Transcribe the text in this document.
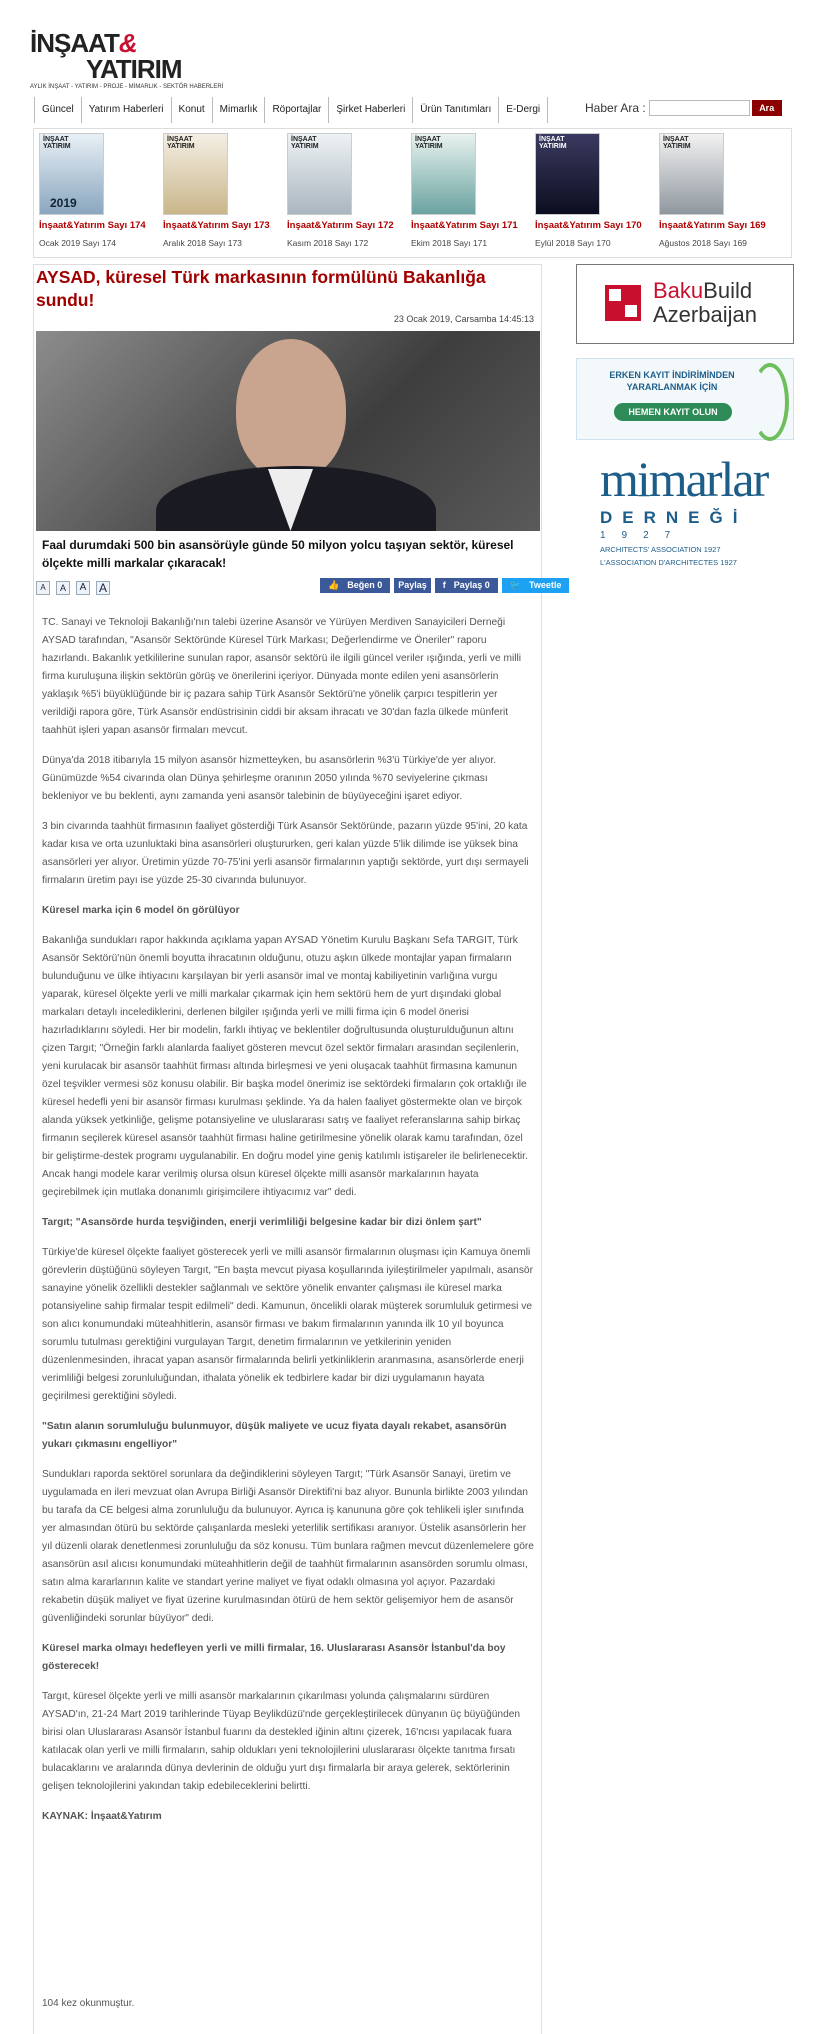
İNŞAAT&
YATIRIM
AYLIK İNŞAAT - YATIRIM - PROJE - MİMARLIK - SEKTÖR HABERLERİ
Güncel	Yatırım Haberleri	Konut	Mimarlık	Röportajlar	Şirket Haberleri	Ürün Tanıtımları	E-Dergi	Haber Ara :	Ara
İNŞAAT
YATIRIM
2019
İnşaat&Yatırım Sayı 174
Ocak 2019 Sayı 174
İNŞAAT
YATIRIM
İnşaat&Yatırım Sayı 173
Aralık 2018 Sayı 173
İNŞAAT
YATIRIM
İnşaat&Yatırım Sayı 172
Kasım 2018 Sayı 172
İNŞAAT
YATIRIM
İnşaat&Yatırım Sayı 171
Ekim 2018 Sayı 171
İNŞAAT
YATIRIM
İnşaat&Yatırım Sayı 170
Eylül 2018 Sayı 170
İNŞAAT
YATIRIM
İnşaat&Yatırım Sayı 169
Ağustos 2018 Sayı 169
AYSAD, küresel Türk markasının formülünü Bakanlığa sundu!
23 Ocak 2019, Carsamba 14:45:13
Faal durumdaki 500 bin asansörüyle günde 50 milyon yolcu taşıyan sektör, küresel ölçekte milli markalar çıkaracak!
A	A	A	A	👍Beğen 0	Paylaş	fPaylaş 0	🐦Tweetle

TC. Sanayi ve Teknoloji Bakanlığı'nın talebi üzerine Asansör ve Yürüyen Merdiven Sanayicileri Derneği AYSAD tarafından, "Asansör Sektöründe Küresel Türk Markası; Değerlendirme ve Öneriler" raporu hazırlandı. Bakanlık yetkililerine sunulan rapor, asansör sektörü ile ilgili güncel veriler ışığında, yerli ve milli firma kuruluşuna ilişkin sektörün görüş ve önerilerini içeriyor. Dünyada monte edilen yeni asansörlerin yaklaşık %5'i büyüklüğünde bir iç pazara sahip Türk Asansör Sektörü'ne yönelik çarpıcı tespitlerin yer verildiği rapora göre, Türk Asansör endüstrisinin ciddi bir aksam ihracatı ve 30'dan fazla ülkede münferit taahhüt işleri yapan asansör firmaları mevcut.

Dünya'da 2018 itibarıyla 15 milyon asansör hizmetteyken, bu asansörlerin %3'ü Türkiye'de yer alıyor. Günümüzde %54 civarında olan Dünya şehirleşme oranının 2050 yılında %70 seviyelerine çıkması bekleniyor ve bu beklenti, aynı zamanda yeni asansör talebinin de büyüyeceğini işaret ediyor.

3 bin civarında taahhüt firmasının faaliyet gösterdiği Türk Asansör Sektöründe, pazarın yüzde 95'ini, 20 kata kadar kısa ve orta uzunluktaki bina asansörleri oluştururken, geri kalan yüzde 5'lik dilimde ise yüksek bina asansörleri yer alıyor. Üretimin yüzde 70-75'ini yerli asansör firmalarının yaptığı sektörde, yurt dışı sermayeli firmaların üretim payı ise yüzde 25-30 civarında bulunuyor.

Küresel marka için 6 model ön görülüyor

Bakanlığa sundukları rapor hakkında açıklama yapan AYSAD Yönetim Kurulu Başkanı Sefa TARGIT, Türk Asansör Sektörü'nün önemli boyutta ihracatının olduğunu, otuzu aşkın ülkede montajlar yapan firmaların bulunduğunu ve ülke ihtiyacını karşılayan bir yerli asansör imal ve montaj kabiliyetinin varlığına vurgu yaparak, küresel ölçekte yerli ve milli markalar çıkarmak için hem sektörü hem de yurt dışındaki global markaları detaylı incelediklerini, derlenen bilgiler ışığında yerli ve milli firma için 6 model önerisi hazırladıklarını söyledi. Her bir modelin, farklı ihtiyaç ve beklentiler doğrultusunda oluşturulduğunun altını çizen Targıt; "Örneğin farklı alanlarda faaliyet gösteren mevcut özel sektör firmaları arasından seçilenlerin, yeni kurulacak bir asansör taahhüt firması altında birleşmesi ve yeni oluşacak taahhüt firmasına kamunun özel teşvikler vermesi söz konusu olabilir. Bir başka model önerimiz ise sektördeki firmaların çok ortaklığı ile küresel hedefli yeni bir asansör firması kurulması şeklinde. Ya da halen faaliyet göstermekte olan ve birçok alanda yüksek yetkinliğe, gelişme potansiyeline ve uluslararası satış ve faaliyet referanslarına sahip birkaç firmanın seçilerek küresel asansör taahhüt firması haline getirilmesine yönelik olarak kamu tarafından, özel bir geliştirme-destek programı uygulanabilir. En doğru model yine geniş katılımlı istişareler ile belirlenecektir. Ancak hangi modele karar verilmiş olursa olsun küresel ölçekte milli asansör markalarının hayata geçirebilmek için mutlaka donanımlı girişimcilere ihtiyacımız var" dedi.

Targıt; "Asansörde hurda teşviğinden, enerji verimliliği belgesine kadar bir dizi önlem şart"

Türkiye'de küresel ölçekte faaliyet gösterecek yerli ve milli asansör firmalarının oluşması için Kamuya önemli görevlerin düştüğünü söyleyen Targıt, "En başta mevcut piyasa koşullarında iyileştirilmeler yapılmalı, asansör sanayine yönelik özellikli destekler sağlanmalı ve sektöre yönelik envanter çalışması ile küresel marka potansiyeline sahip firmalar tespit edilmeli" dedi. Kamunun, öncelikli olarak müşterek sorumluluk getirmesi ve son alıcı konumundaki müteahhitlerin, asansör firması ve bakım firmalarının yanında ilk 10 yıl boyunca sorumlu tutulması gerektiğini vurgulayan Targıt, denetim firmalarının ve yetkilerinin yeniden düzenlenmesinden, ihracat yapan asansör firmalarında belirli yetkinliklerin aranmasına, asansörlerde enerji verimliliği belgesi zorunluluğundan, ithalata yönelik ek tedbirlere kadar bir dizi uygulamanın hayata geçirilmesi gerektiğini söyledi.

"Satın alanın sorumluluğu bulunmuyor, düşük maliyete ve ucuz fiyata dayalı rekabet, asansörün yukarı çıkmasını engelliyor"

Sundukları raporda sektörel sorunlara da değindiklerini söyleyen Targıt; "Türk Asansör Sanayi, üretim ve uygulamada en ileri mevzuat olan Avrupa Birliği Asansör Direktifi'ni baz alıyor. Bununla birlikte 2003 yılından bu tarafa da CE belgesi alma zorunluluğu da bulunuyor. Ayrıca iş kanununa göre çok tehlikeli işler sınıfında yer almasından ötürü bu sektörde çalışanlarda mesleki yeterlilik sertifikası aranıyor. Üstelik asansörlerin her yıl düzenli olarak denetlenmesi zorunluluğu da söz konusu. Tüm bunlara rağmen mevcut düzenlemelere göre asansörün asıl alıcısı konumundaki müteahhitlerin değil de taahhüt firmalarının asansörden sorumlu olması, satın alma kararlarının kalite ve standart yerine maliyet ve fiyat odaklı olmasına yol açıyor. Pazardaki rekabetin düşük maliyet ve fiyat üzerine kurulmasından ötürü de hem sektör gelişemiyor hem de asansör güvenliğindeki sorunlar büyüyor" dedi.

Küresel marka olmayı hedefleyen yerli ve milli firmalar, 16. Uluslararası Asansör İstanbul'da boy gösterecek!

Targıt, küresel ölçekte yerli ve milli asansör markalarının çıkarılması yolunda çalışmalarını sürdüren AYSAD'ın, 21-24 Mart 2019 tarihlerinde Tüyap Beylikdüzü'nde gerçekleştirilecek dünyanın üç büyüğünden birisi olan Uluslararası Asansör İstanbul fuarını da destekled iğinin altını çizerek, 16'ncısı yapılacak fuara katılacak olan yerli ve milli firmaların, sahip oldukları yeni teknolojilerini uluslararası ölçekte tanıtma fırsatı bulacaklarını ve aralarında dünya devlerinin de olduğu yurt dışı firmalarla bir araya gelerek, sektörlerinin gelişen teknolojilerini yakından takip edebileceklerini belirtti.

KAYNAK: İnşaat&Yatırım

104 kez okunmuştur.
BakuBuild
Azerbaijan
ERKEN KAYIT İNDİRİMİNDEN YARARLANMAK İÇİN
HEMEN KAYIT OLUN
mimarlar
DERNEĞİ
1927
ARCHITECTS' ASSOCIATION 1927
L'ASSOCIATION D'ARCHITECTES 1927
